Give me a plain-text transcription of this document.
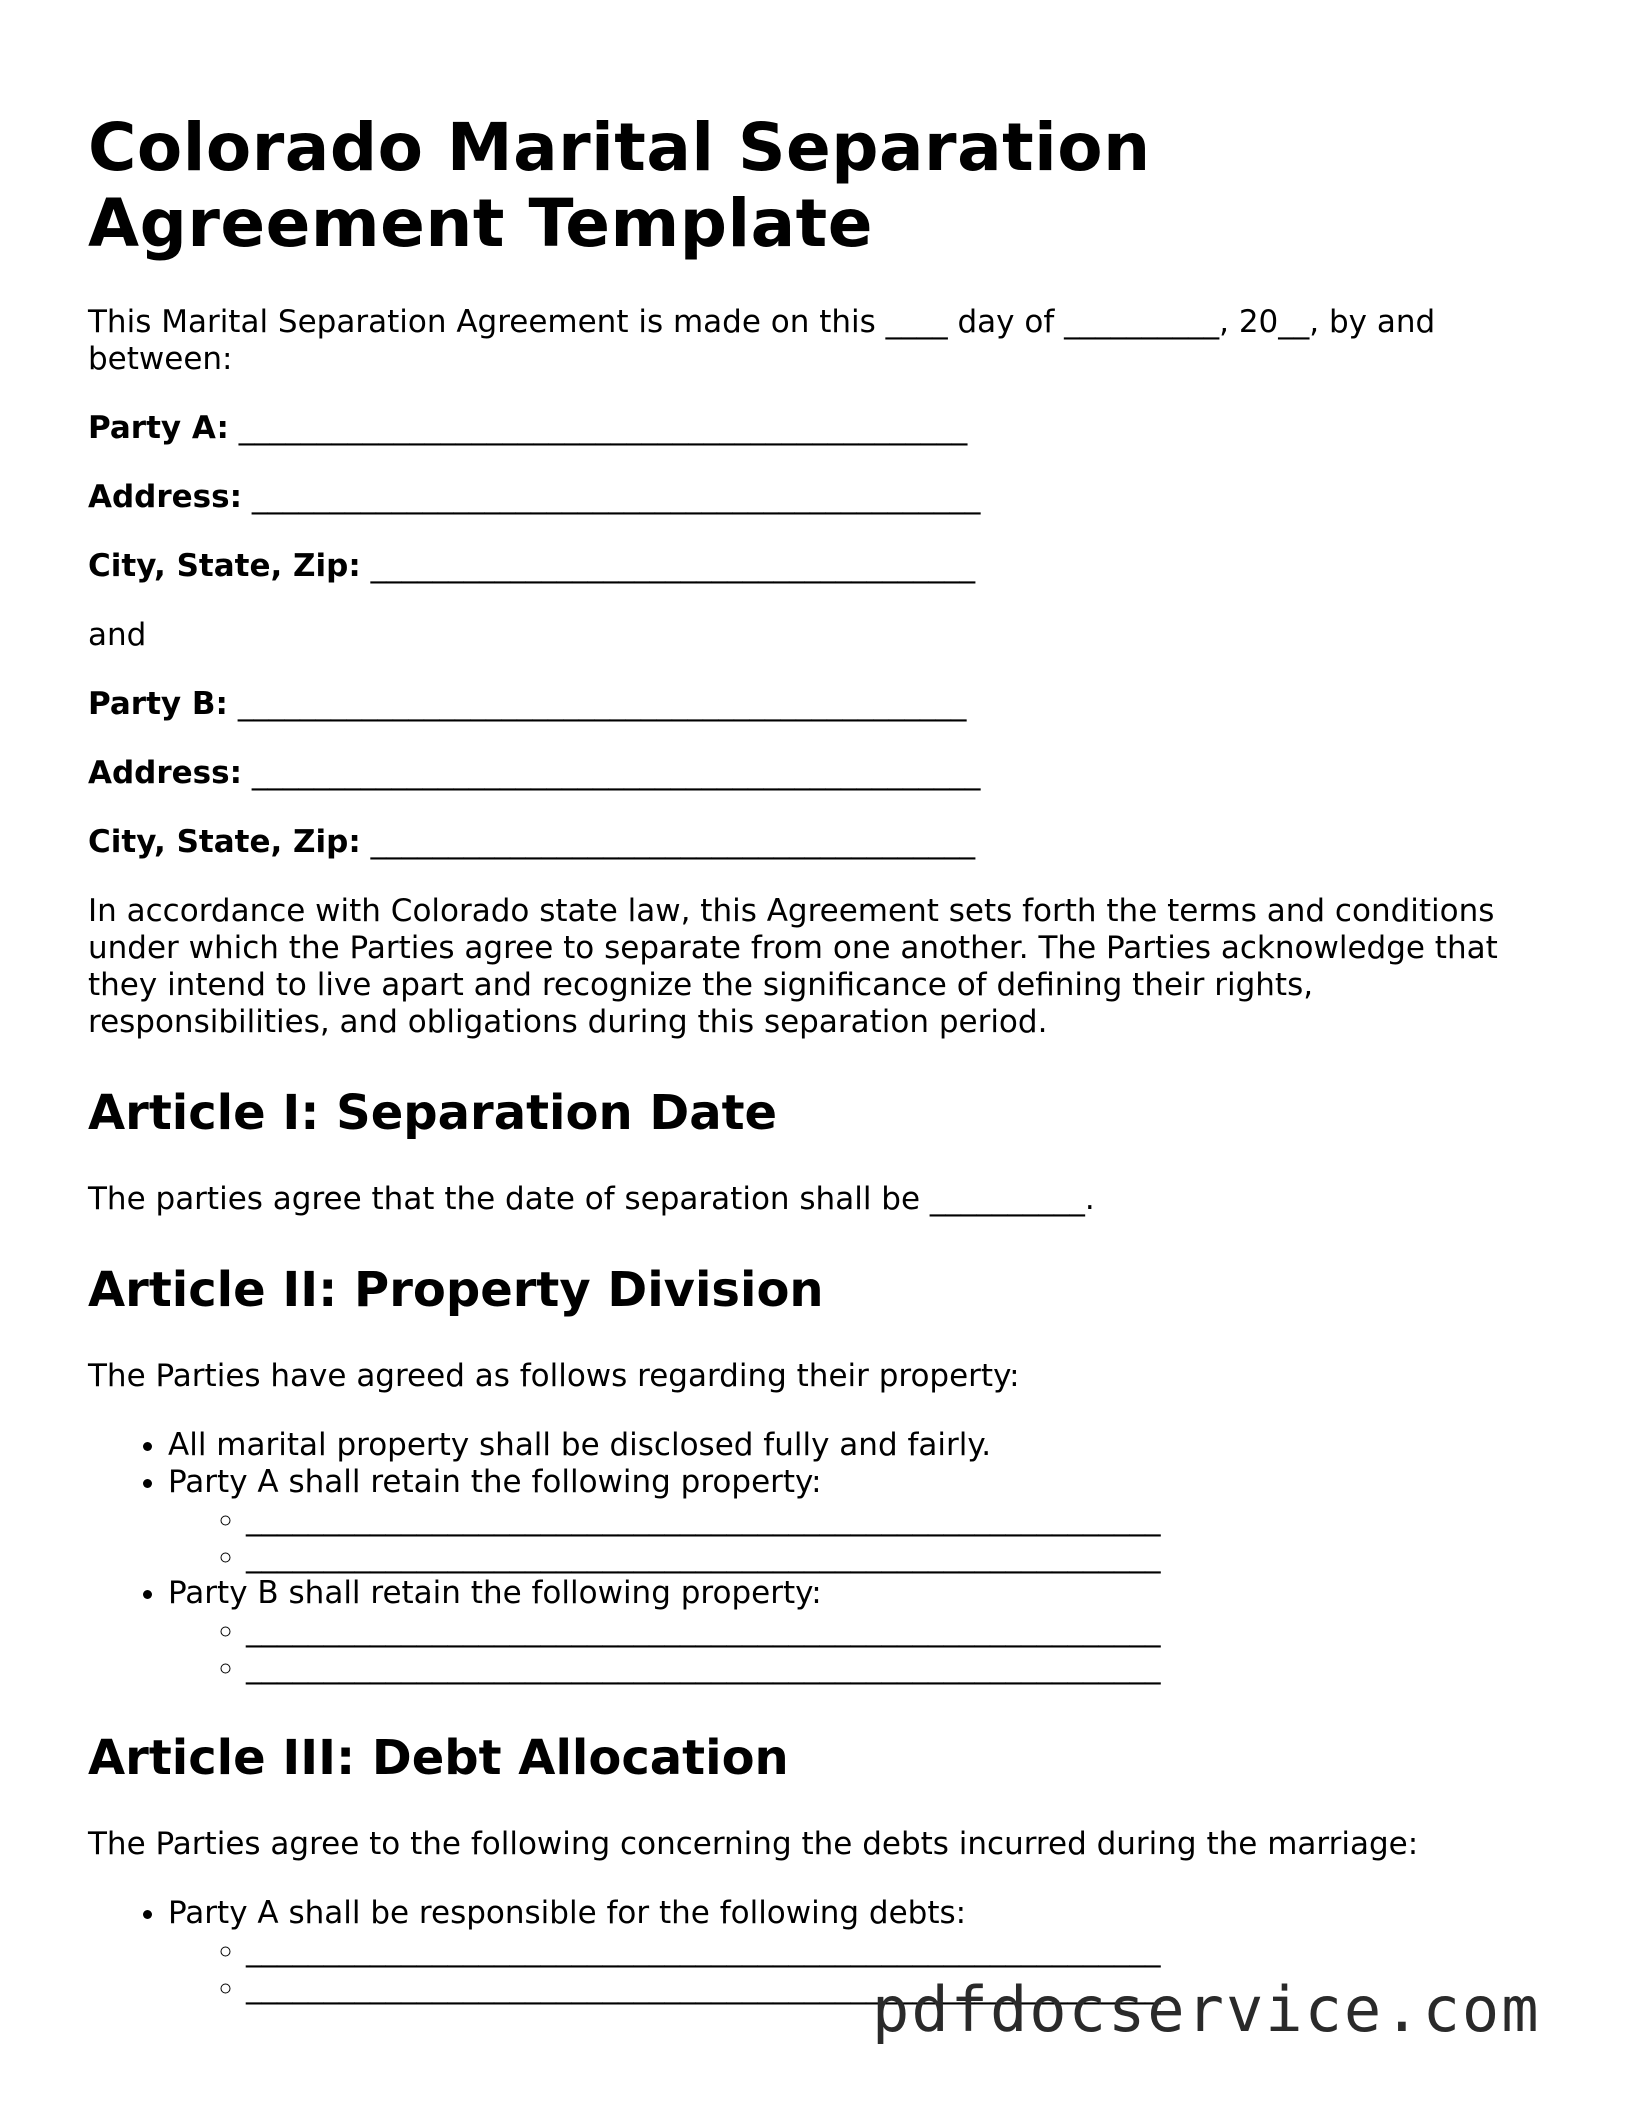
Colorado Marital Separation Agreement Template

This Marital Separation Agreement is made on this ____ day of __________, 20__, by and between:

Party A: _______________________________________________
Address: _______________________________________________
City, State, Zip: _______________________________________

and

Party B: _______________________________________________
Address: _______________________________________________
City, State, Zip: _______________________________________

In accordance with Colorado state law, this Agreement sets forth the terms and conditions under which the Parties agree to separate from one another. The Parties acknowledge that they intend to live apart and recognize the significance of defining their rights, responsibilities, and obligations during this separation period.

Article I: Separation Date

The parties agree that the date of separation shall be __________.

Article II: Property Division

The Parties have agreed as follows regarding their property:

• All marital property shall be disclosed fully and fairly.
• Party A shall retain the following property:
◦ ___________________________________________________________
◦ ___________________________________________________________
• Party B shall retain the following property:
◦ ___________________________________________________________
◦ ___________________________________________________________
Article III: Debt Allocation

The Parties agree to the following concerning the debts incurred during the marriage:

• Party A shall be responsible for the following debts:
◦ ___________________________________________________________
◦ ___________________________________________________________
pdfdocservice.com
